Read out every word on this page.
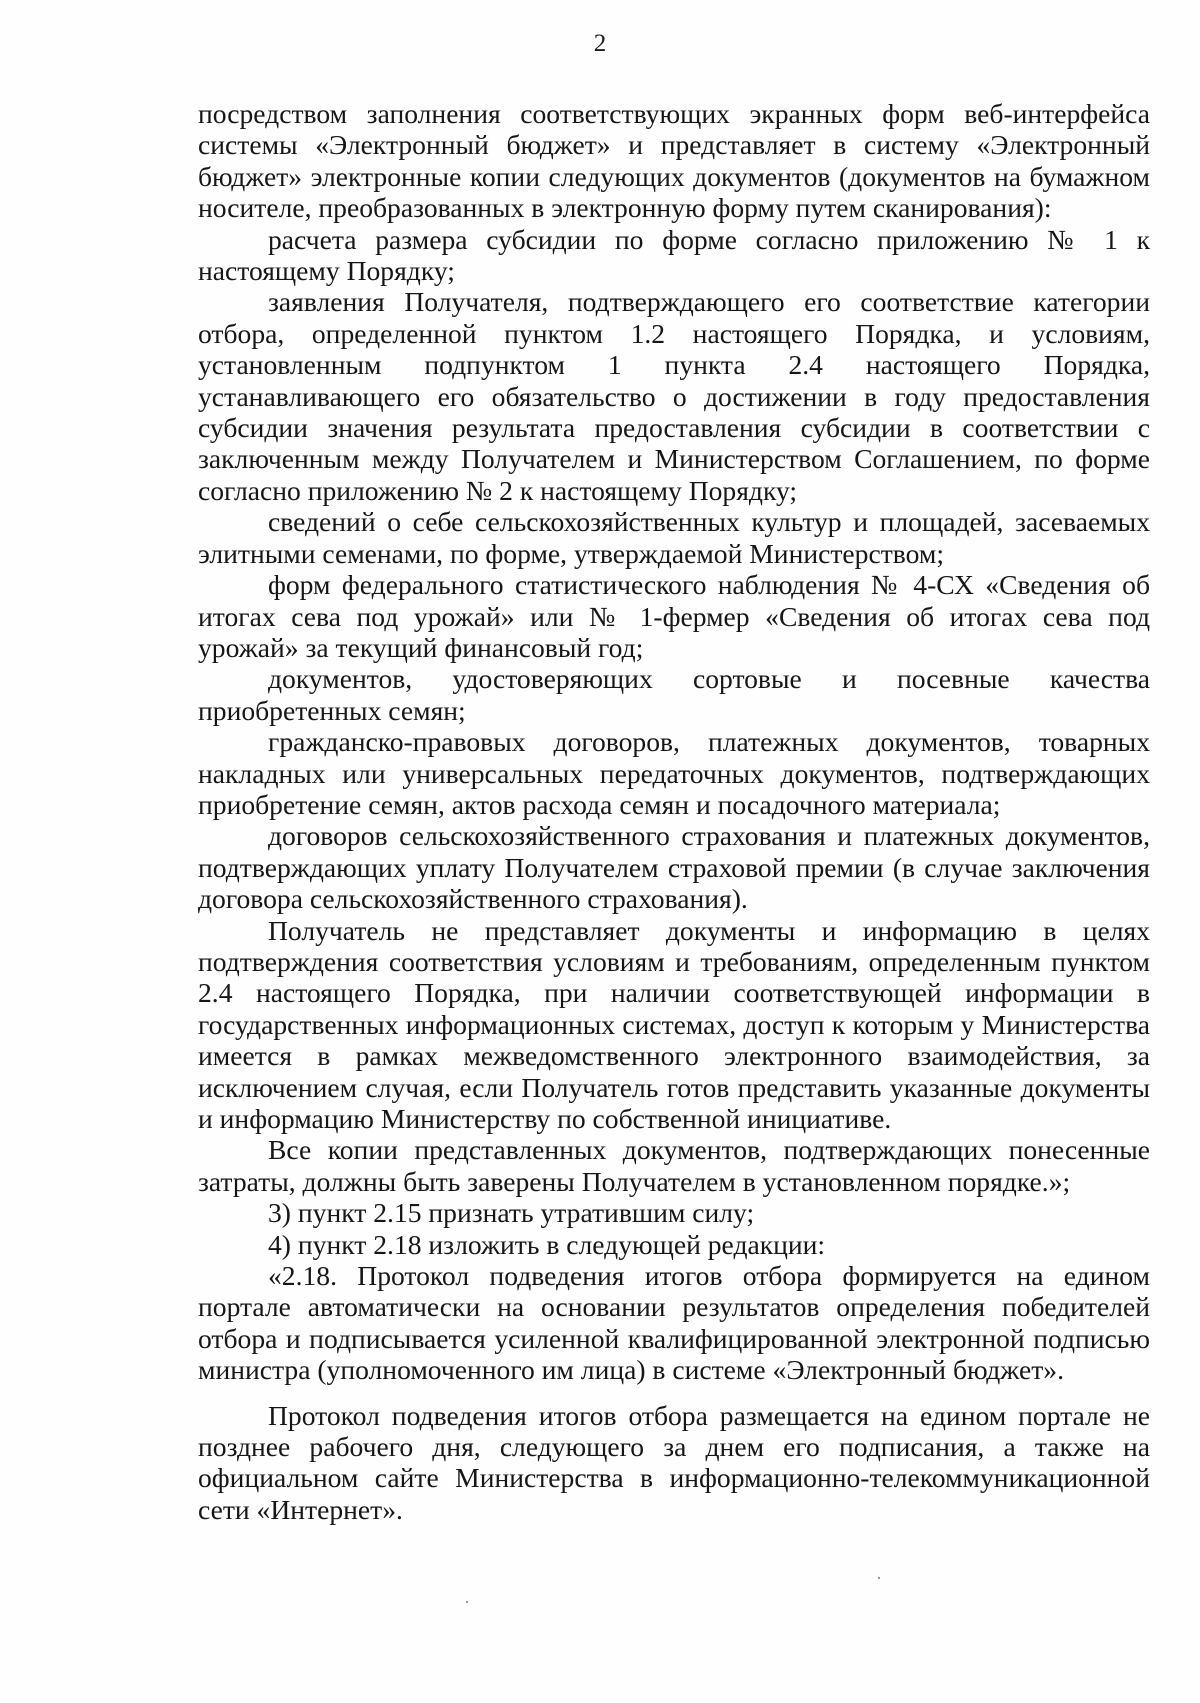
2

посредством заполнения соответствующих экранных форм веб-интерфейса системы «Электронный бюджет» и представляет в систему «Электронный бюджет» электронные копии следующих документов (документов на бумажном носителе, преобразованных в электронную форму путем сканирования):

расчета размера субсидии по форме согласно приложению № 1 к настоящему Порядку;

заявления Получателя, подтверждающего его соответствие категории отбора, определенной пунктом 1.2 настоящего Порядка, и условиям, установленным подпунктом 1 пункта 2.4 настоящего Порядка, устанавливающего его обязательство о достижении в году предоставления субсидии значения результата предоставления субсидии в соответствии с заключенным между Получателем и Министерством Соглашением, по форме согласно приложению № 2 к настоящему Порядку;

сведений о себе сельскохозяйственных культур и площадей, засеваемых элитными семенами, по форме, утверждаемой Министерством;

форм федерального статистического наблюдения № 4-СХ «Сведения об итогах сева под урожай» или № 1-фермер «Сведения об итогах сева под урожай» за текущий финансовый год;

документов, удостоверяющих сортовые и посевные качества приобретенных семян;

гражданско-правовых договоров, платежных документов, товарных накладных или универсальных передаточных документов, подтверждающих приобретение семян, актов расхода семян и посадочного материала;

договоров сельскохозяйственного страхования и платежных документов, подтверждающих уплату Получателем страховой премии (в случае заключения договора сельскохозяйственного страхования).

Получатель не представляет документы и информацию в целях подтверждения соответствия условиям и требованиям, определенным пунктом 2.4 настоящего Порядка, при наличии соответствующей информации в государственных информационных системах, доступ к которым у Министерства имеется в рамках межведомственного электронного взаимодействия, за исключением случая, если Получатель готов представить указанные документы и информацию Министерству по собственной инициативе.

Все копии представленных документов, подтверждающих понесенные затраты, должны быть заверены Получателем в установленном порядке.»;

3) пункт 2.15 признать утратившим силу;

4) пункт 2.18 изложить в следующей редакции:

«2.18. Протокол подведения итогов отбора формируется на едином портале автоматически на основании результатов определения победителей отбора и подписывается усиленной квалифицированной электронной подписью министра (уполномоченного им лица) в системе «Электронный бюджет».

Протокол подведения итогов отбора размещается на едином портале не позднее рабочего дня, следующего за днем его подписания, а также на официальном сайте Министерства в информационно-телекоммуникационной сети «Интернет».
